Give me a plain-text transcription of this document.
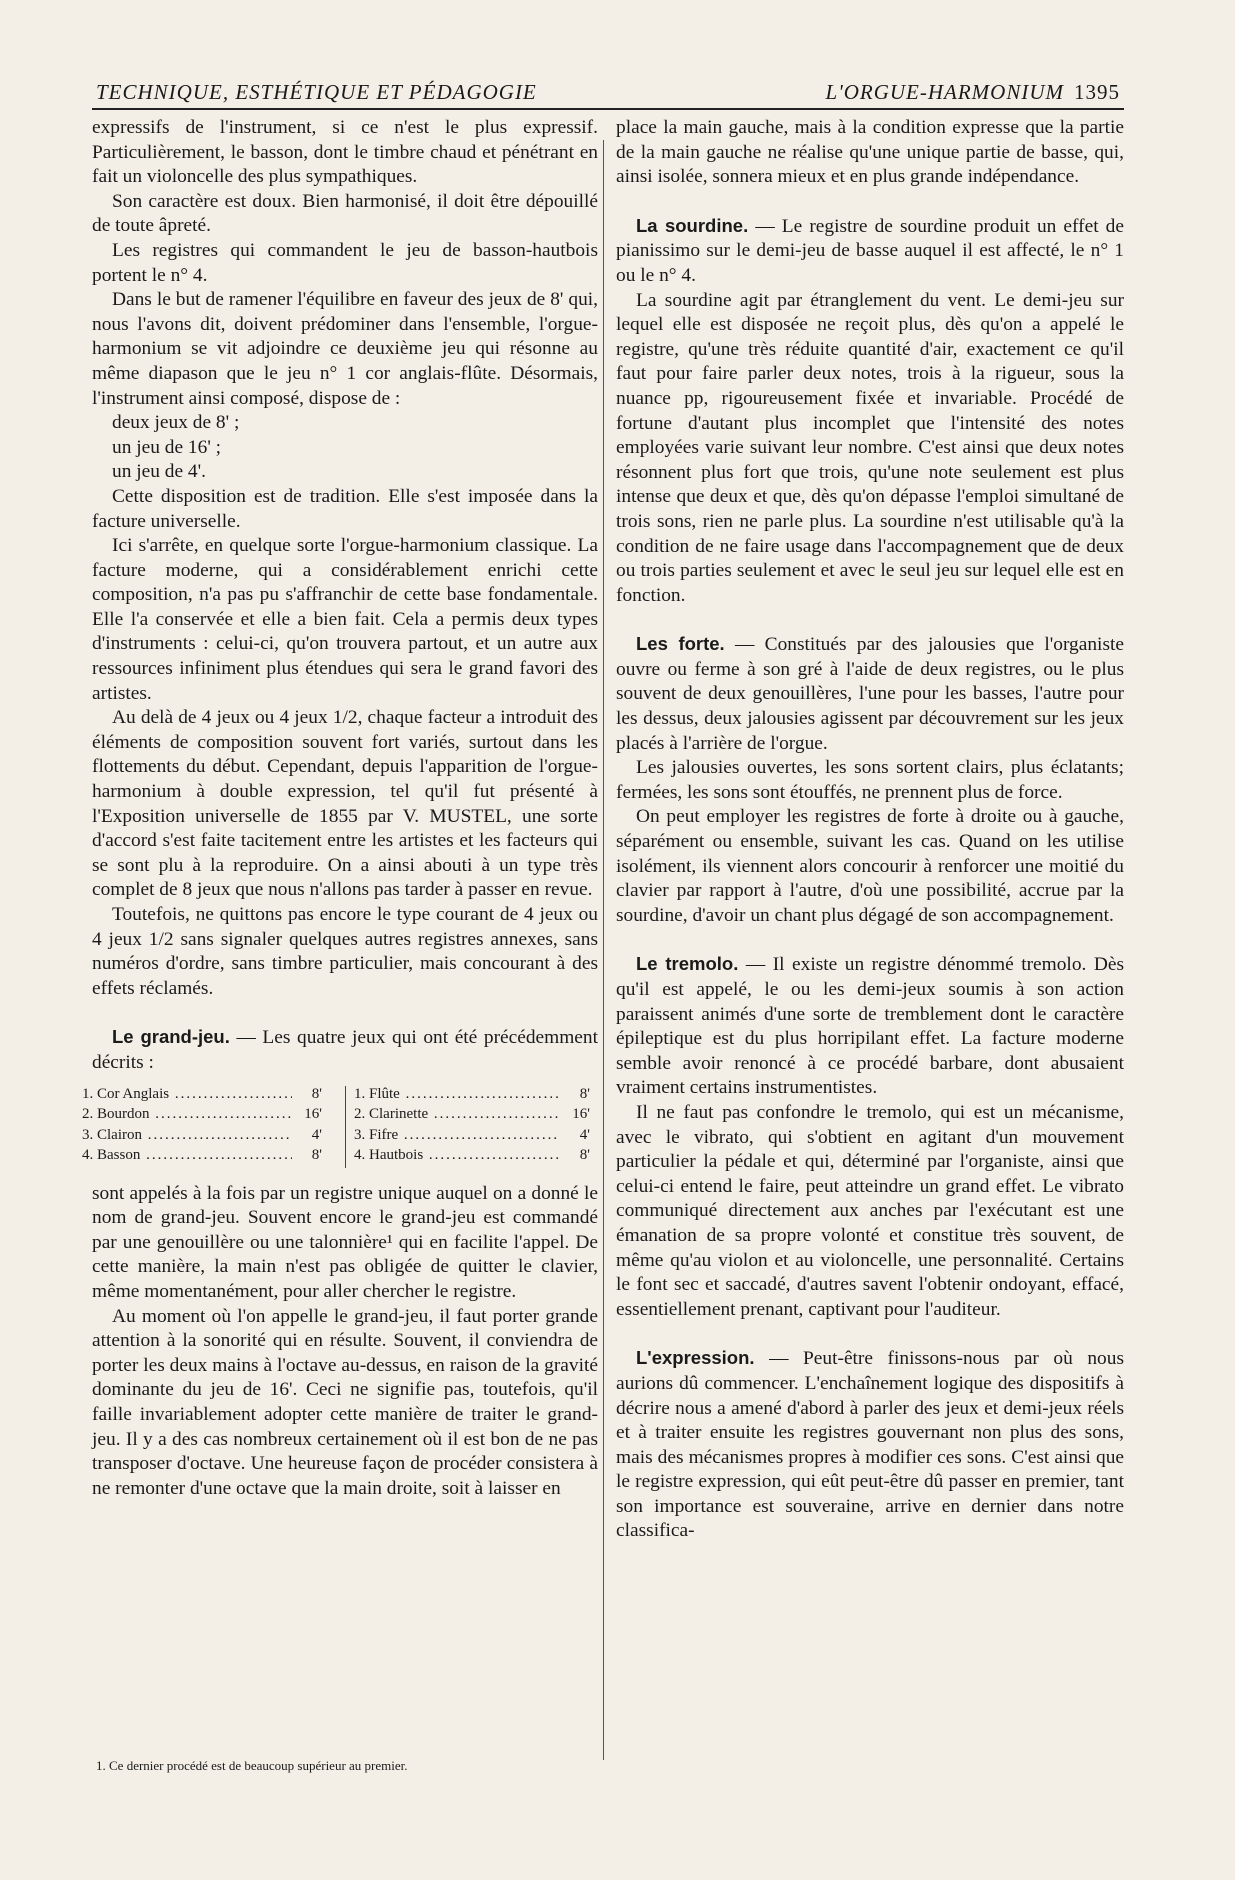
TECHNIQUE, ESTHÉTIQUE ET PÉDAGOGIE	L'ORGUE-HARMONIUM 1395

expressifs de l'instrument, si ce n'est le plus expressif. Particulièrement, le basson, dont le timbre chaud et pénétrant en fait un violoncelle des plus sympathiques.

Son caractère est doux. Bien harmonisé, il doit être dépouillé de toute âpreté.

Les registres qui commandent le jeu de basson-hautbois portent le n° 4.

Dans le but de ramener l'équilibre en faveur des jeux de 8' qui, nous l'avons dit, doivent prédominer dans l'ensemble, l'orgue-harmonium se vit adjoindre ce deuxième jeu qui résonne au même diapason que le jeu n° 1 cor anglais-flûte. Désormais, l'instrument ainsi composé, dispose de :

deux jeux de 8' ;

un jeu de 16' ;

un jeu de 4'.

Cette disposition est de tradition. Elle s'est imposée dans la facture universelle.

Ici s'arrête, en quelque sorte l'orgue-harmonium classique. La facture moderne, qui a considérablement enrichi cette composition, n'a pas pu s'affranchir de cette base fondamentale. Elle l'a conservée et elle a bien fait. Cela a permis deux types d'instruments : celui-ci, qu'on trouvera partout, et un autre aux ressources infiniment plus étendues qui sera le grand favori des artistes.

Au delà de 4 jeux ou 4 jeux 1/2, chaque facteur a introduit des éléments de composition souvent fort variés, surtout dans les flottements du début. Cependant, depuis l'apparition de l'orgue-harmonium à double expression, tel qu'il fut présenté à l'Exposition universelle de 1855 par V. MUSTEL, une sorte d'accord s'est faite tacitement entre les artistes et les facteurs qui se sont plu à la reproduire. On a ainsi abouti à un type très complet de 8 jeux que nous n'allons pas tarder à passer en revue.

Toutefois, ne quittons pas encore le type courant de 4 jeux ou 4 jeux 1/2 sans signaler quelques autres registres annexes, sans numéros d'ordre, sans timbre particulier, mais concourant à des effets réclamés.

Le grand-jeu. — Les quatre jeux qui ont été précédemment décrits :

1. Cor Anglais .....	8'
2. Bourdon .....	16'
3. Clairon .....	4'
4. Basson .....	8'
1. Flûte .....	8'
2. Clarinette .....	16'
3. Fifre .....	4'
4. Hautbois .....	8'

sont appelés à la fois par un registre unique auquel on a donné le nom de grand-jeu. Souvent encore le grand-jeu est commandé par une genouillère ou une talonnière¹ qui en facilite l'appel. De cette manière, la main n'est pas obligée de quitter le clavier, même momentanément, pour aller chercher le registre.

Au moment où l'on appelle le grand-jeu, il faut porter grande attention à la sonorité qui en résulte. Souvent, il conviendra de porter les deux mains à l'octave au-dessus, en raison de la gravité dominante du jeu de 16'. Ceci ne signifie pas, toutefois, qu'il faille invariablement adopter cette manière de traiter le grand-jeu. Il y a des cas nombreux certainement où il est bon de ne pas transposer d'octave. Une heureuse façon de procéder consistera à ne remonter d'une octave que la main droite, soit à laisser en

place la main gauche, mais à la condition expresse que la partie de la main gauche ne réalise qu'une unique partie de basse, qui, ainsi isolée, sonnera mieux et en plus grande indépendance.

La sourdine. — Le registre de sourdine produit un effet de pianissimo sur le demi-jeu de basse auquel il est affecté, le n° 1 ou le n° 4.

La sourdine agit par étranglement du vent. Le demi-jeu sur lequel elle est disposée ne reçoit plus, dès qu'on a appelé le registre, qu'une très réduite quantité d'air, exactement ce qu'il faut pour faire parler deux notes, trois à la rigueur, sous la nuance pp, rigoureusement fixée et invariable. Procédé de fortune d'autant plus incomplet que l'intensité des notes employées varie suivant leur nombre. C'est ainsi que deux notes résonnent plus fort que trois, qu'une note seulement est plus intense que deux et que, dès qu'on dépasse l'emploi simultané de trois sons, rien ne parle plus. La sourdine n'est utilisable qu'à la condition de ne faire usage dans l'accompagnement que de deux ou trois parties seulement et avec le seul jeu sur lequel elle est en fonction.

Les forte. — Constitués par des jalousies que l'organiste ouvre ou ferme à son gré à l'aide de deux registres, ou le plus souvent de deux genouillères, l'une pour les basses, l'autre pour les dessus, deux jalousies agissent par découvrement sur les jeux placés à l'arrière de l'orgue.

Les jalousies ouvertes, les sons sortent clairs, plus éclatants; fermées, les sons sont étouffés, ne prennent plus de force.

On peut employer les registres de forte à droite ou à gauche, séparément ou ensemble, suivant les cas. Quand on les utilise isolément, ils viennent alors concourir à renforcer une moitié du clavier par rapport à l'autre, d'où une possibilité, accrue par la sourdine, d'avoir un chant plus dégagé de son accompagnement.

Le tremolo. — Il existe un registre dénommé tremolo. Dès qu'il est appelé, le ou les demi-jeux soumis à son action paraissent animés d'une sorte de tremblement dont le caractère épileptique est du plus horripilant effet. La facture moderne semble avoir renoncé à ce procédé barbare, dont abusaient vraiment certains instrumentistes.

Il ne faut pas confondre le tremolo, qui est un mécanisme, avec le vibrato, qui s'obtient en agitant d'un mouvement particulier la pédale et qui, déterminé par l'organiste, ainsi que celui-ci entend le faire, peut atteindre un grand effet. Le vibrato communiqué directement aux anches par l'exécutant est une émanation de sa propre volonté et constitue très souvent, de même qu'au violon et au violoncelle, une personnalité. Certains le font sec et saccadé, d'autres savent l'obtenir ondoyant, effacé, essentiellement prenant, captivant pour l'auditeur.

L'expression. — Peut-être finissons-nous par où nous aurions dû commencer. L'enchaînement logique des dispositifs à décrire nous a amené d'abord à parler des jeux et demi-jeux réels et à traiter ensuite les registres gouvernant non plus des sons, mais des mécanismes propres à modifier ces sons. C'est ainsi que le registre expression, qui eût peut-être dû passer en premier, tant son importance est souveraine, arrive en dernier dans notre classifica-

1. Ce dernier procédé est de beaucoup supérieur au premier.
